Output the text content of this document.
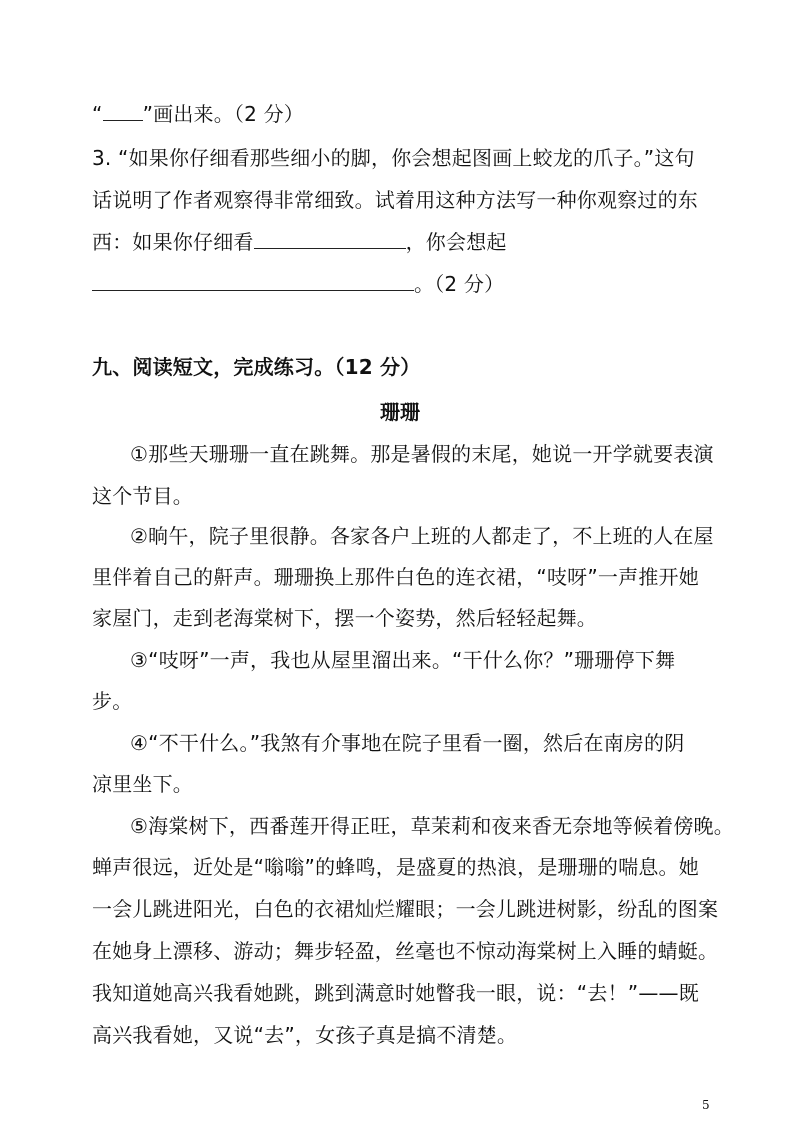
“ ”画出来。（2 分）
3. “如果你仔细看那些细小的脚，你会想起图画上蛟龙的爪子。”这句
话说明了作者观察得非常细致。试着用这种方法写一种你观察过的东
西：如果你仔细看	，你会想起
。（2 分）
九、阅读短文，完成练习。（12 分）
珊珊
①那些天珊珊一直在跳舞。那是暑假的末尾，她说一开学就要表演
这个节目。
②晌午，院子里很静。各家各户上班的人都走了，不上班的人在屋
里伴着自己的鼾声。珊珊换上那件白色的连衣裙，“吱呀”一声推开她
家屋门，走到老海棠树下，摆一个姿势，然后轻轻起舞。
③“吱呀”一声，我也从屋里溜出来。“干什么你？”珊珊停下舞
步。
④“不干什么。”我煞有介事地在院子里看一圈，然后在南房的阴
凉里坐下。
⑤海棠树下，西番莲开得正旺，草茉莉和夜来香无奈地等候着傍晚。
蝉声很远，近处是“嗡嗡”的蜂鸣，是盛夏的热浪，是珊珊的喘息。她
一会儿跳进阳光，白色的衣裙灿烂耀眼；一会儿跳进树影，纷乱的图案
在她身上漂移、游动；舞步轻盈，丝毫也不惊动海棠树上入睡的蜻蜓。
我知道她高兴我看她跳，跳到满意时她瞥我一眼，说：“去！”——既
高兴我看她，又说“去”，女孩子真是搞不清楚。
5
